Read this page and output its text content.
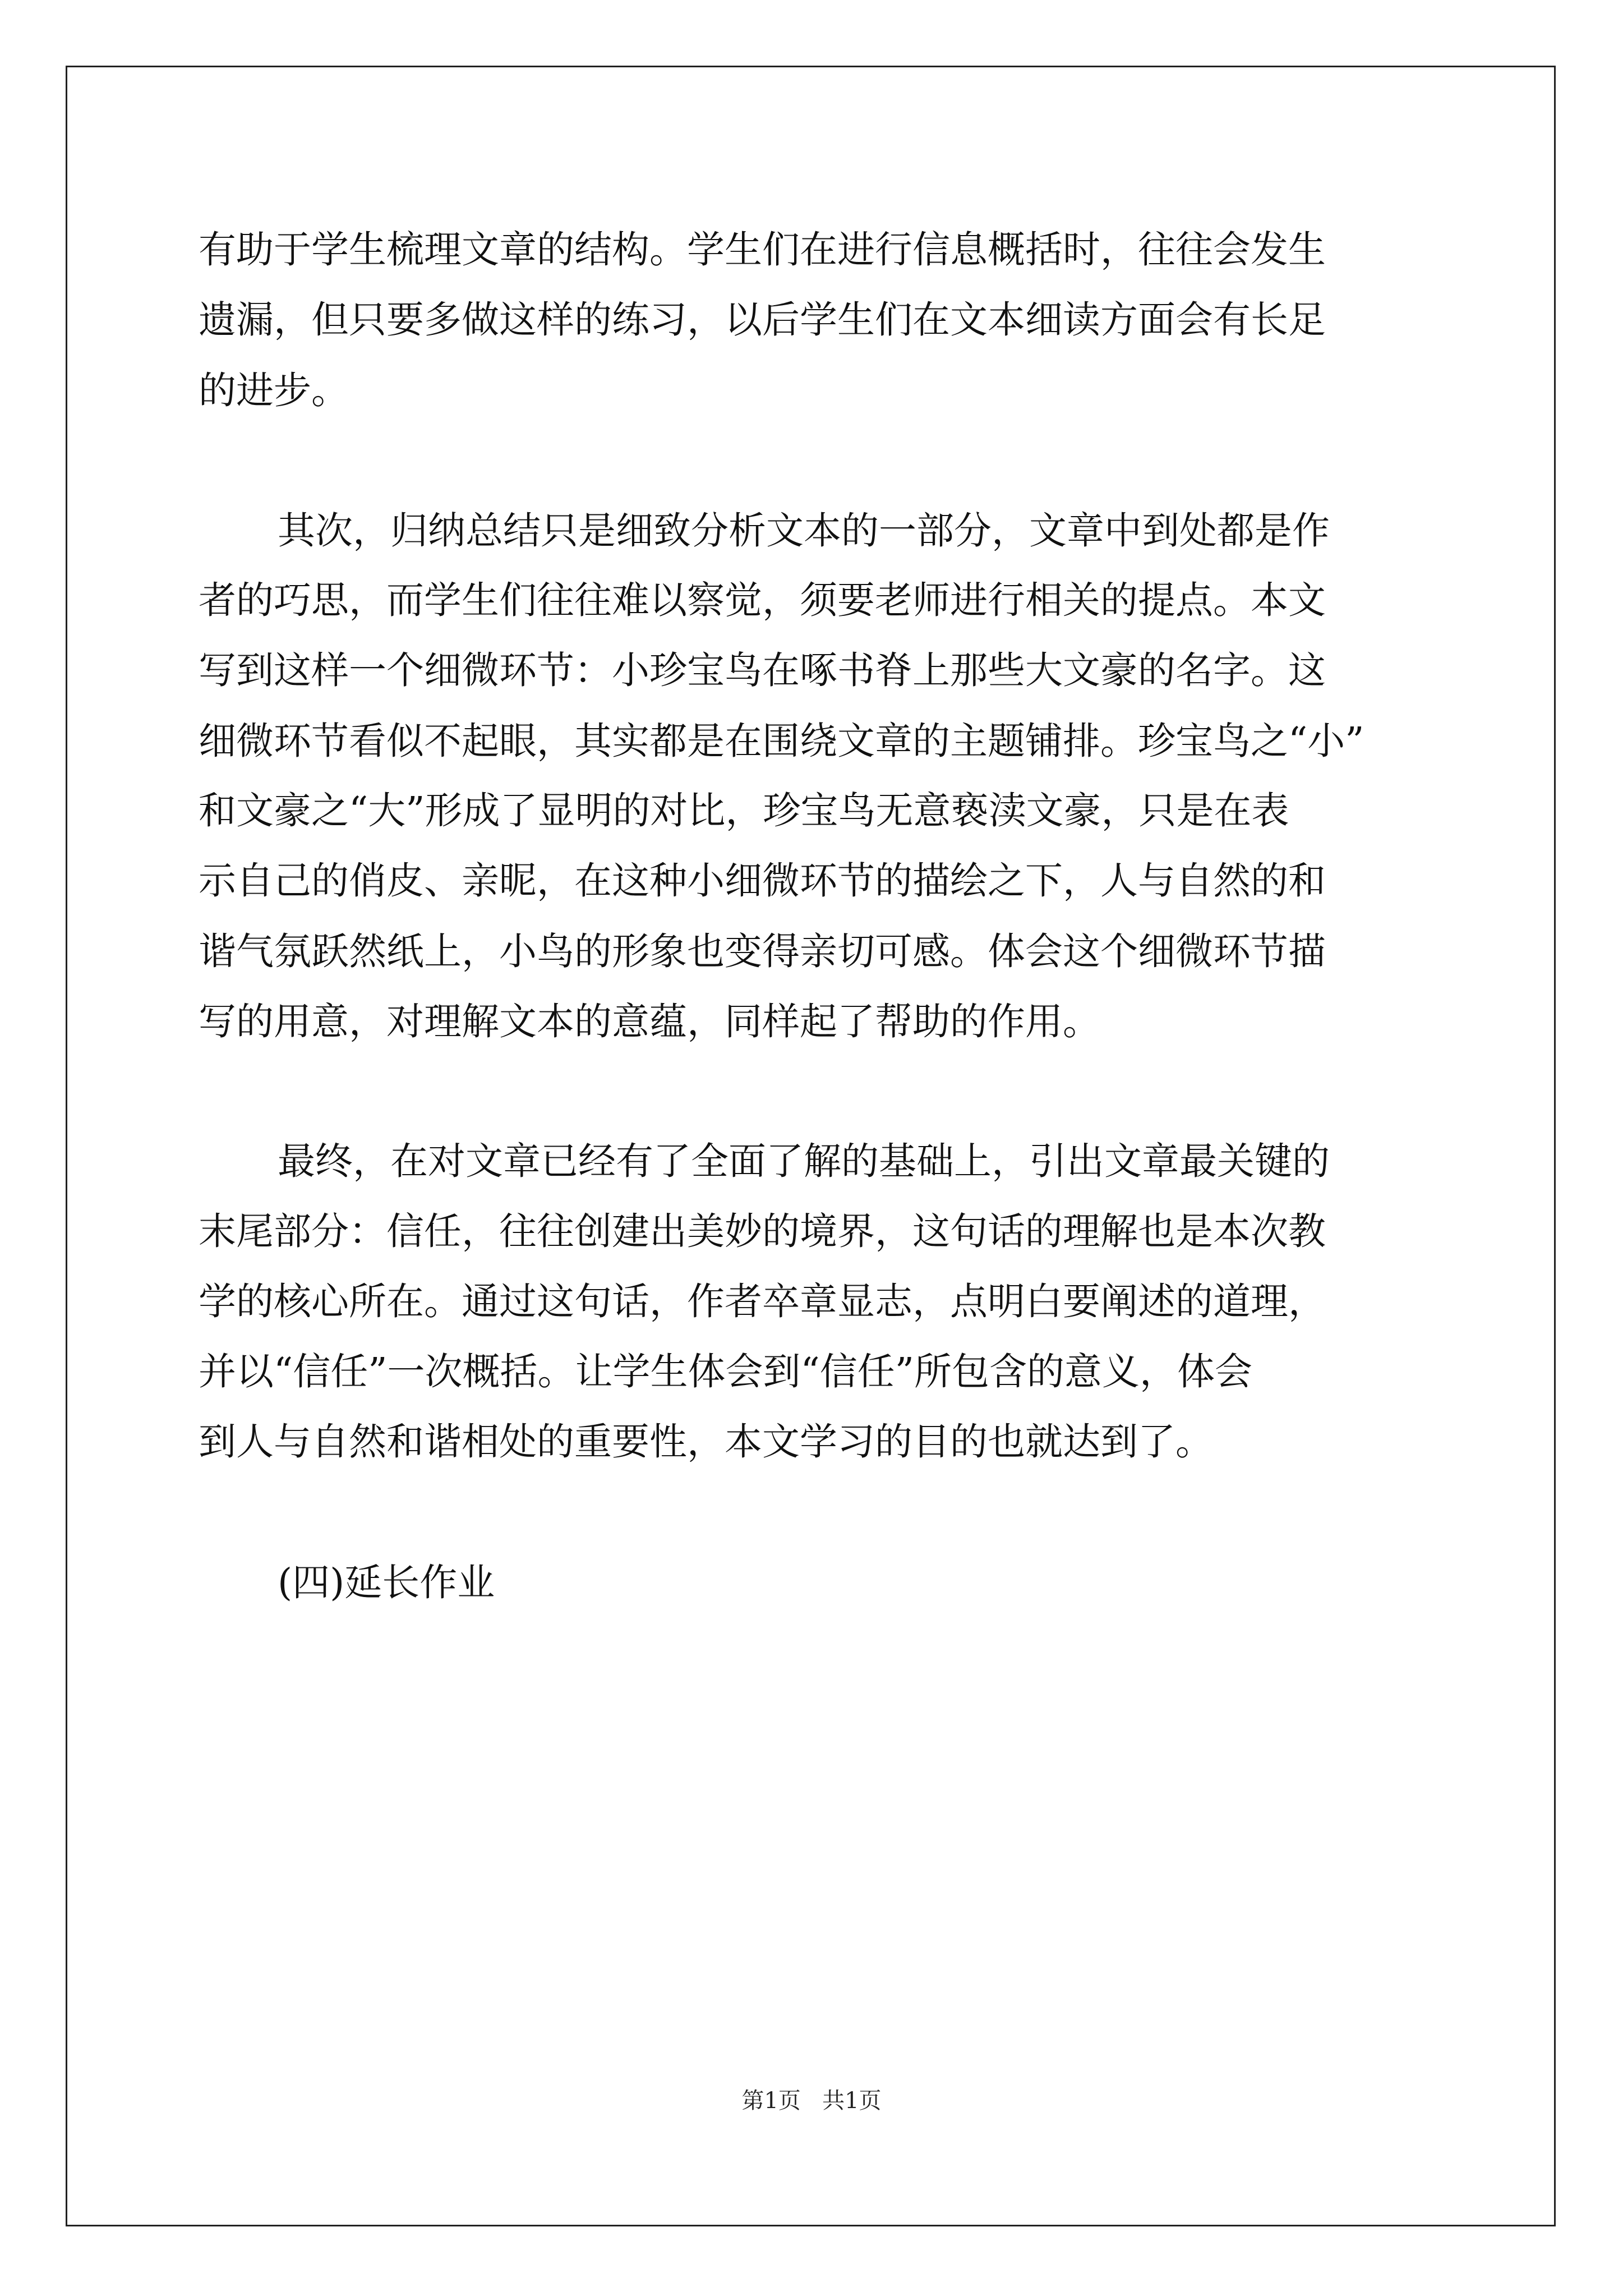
有助于学生梳理文章的结构。学生们在进行信息概括时，往往会发生
遗漏，但只要多做这样的练习，以后学生们在文本细读方面会有长足
的进步。
其次，归纳总结只是细致分析文本的一部分，文章中到处都是作
者的巧思，而学生们往往难以察觉，须要老师进行相关的提点。本文
写到这样一个细微环节：小珍宝鸟在啄书脊上那些大文豪的名字。这
细微环节看似不起眼，其实都是在围绕文章的主题铺排。珍宝鸟之“小”
和文豪之“大”形成了显明的对比，珍宝鸟无意亵渎文豪，只是在表
示自己的俏皮、亲昵，在这种小细微环节的描绘之下，人与自然的和
谐气氛跃然纸上，小鸟的形象也变得亲切可感。体会这个细微环节描
写的用意，对理解文本的意蕴，同样起了帮助的作用。
最终，在对文章已经有了全面了解的基础上，引出文章最关键的
末尾部分：信任，往往创建出美妙的境界，这句话的理解也是本次教
学的核心所在。通过这句话，作者卒章显志，点明白要阐述的道理，
并以“信任”一次概括。让学生体会到“信任”所包含的意义，体会
到人与自然和谐相处的重要性，本文学习的目的也就达到了。
(四)延长作业
第1页 共1页
